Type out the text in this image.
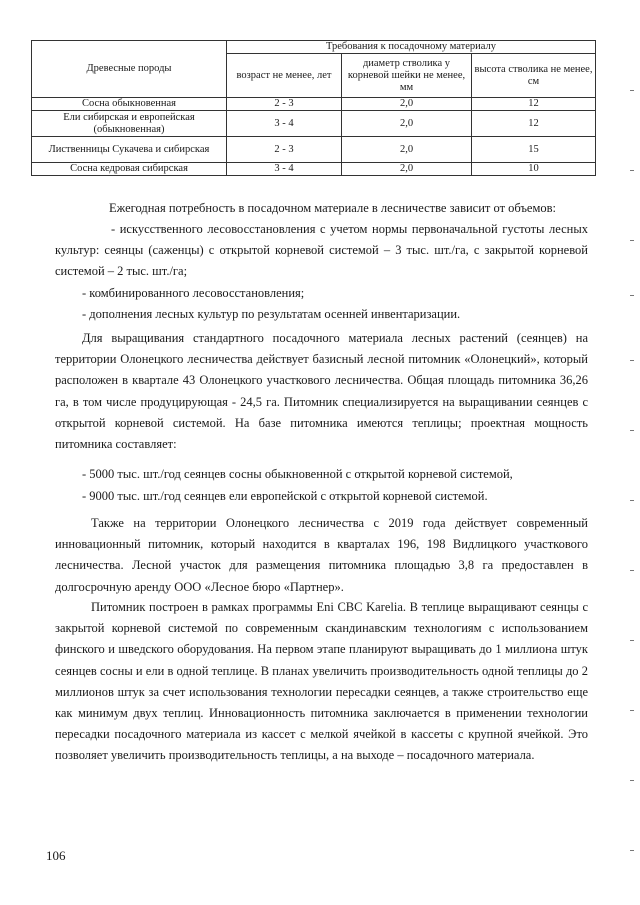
Древесные породы	Требования к посадочному материалу		
	возраст не менее, лет	диаметр стволика у корневой шейки не менее, мм	высота стволика не менее, см
Сосна обыкновенная	2 - 3	2,0	12
Ели сибирская и европейская (обыкновенная)	3 - 4	2,0	12
Лиственницы Сукачева и сибирская	2 - 3	2,0	15
Сосна кедровая сибирская	3 - 4	2,0	10

Ежегодная потребность в посадочном материале в лесничестве зависит от объемов:

- искусственного лесовосстановления с учетом нормы первоначальной густоты лесных культур: сеянцы (саженцы) с открытой корневой системой – 3 тыс. шт./га, с закрытой корневой системой – 2 тыс. шт./га;

- комбинированного лесовосстановления;

- дополнения лесных культур по результатам осенней инвентаризации.

Для выращивания стандартного посадочного материала лесных растений (сеянцев) на территории Олонецкого лесничества действует базисный лесной питомник «Олонецкий», который расположен в квартале 43 Олонецкого участкового лесничества. Общая площадь питомника 36,26 га, в том числе продуцирующая - 24,5 га. Питомник специализируется на выращивании сеянцев с открытой корневой системой. На базе питомника имеются теплицы; проектная мощность питомника составляет:

- 5000 тыс. шт./год сеянцев сосны обыкновенной с открытой корневой системой,

- 9000 тыс. шт./год сеянцев ели европейской с открытой корневой системой.

Также на территории Олонецкого лесничества с 2019 года действует современный инновационный питомник, который находится в кварталах 196, 198 Видлицкого участкового лесничества. Лесной участок для размещения питомника площадью 3,8 га предоставлен в долгосрочную аренду ООО «Лесное бюро «Партнер».

Питомник построен в рамках программы Eni CBC Karelia. В теплице выращивают сеянцы с закрытой корневой системой по современным скандинавским технологиям с использованием финского и шведского оборудования. На первом этапе планируют выращивать до 1 миллиона штук сеянцев сосны и ели в одной теплице. В планах увеличить производительность одной теплицы до 2 миллионов штук за счет использования технологии пересадки сеянцев, а также строительство еще как минимум двух теплиц. Инновационность питомника заключается в применении технологии пересадки посадочного материала из кассет с мелкой ячейкой в кассеты с крупной ячейкой. Это позволяет увеличить производительность теплицы, а на выходе – посадочного материала.

106
